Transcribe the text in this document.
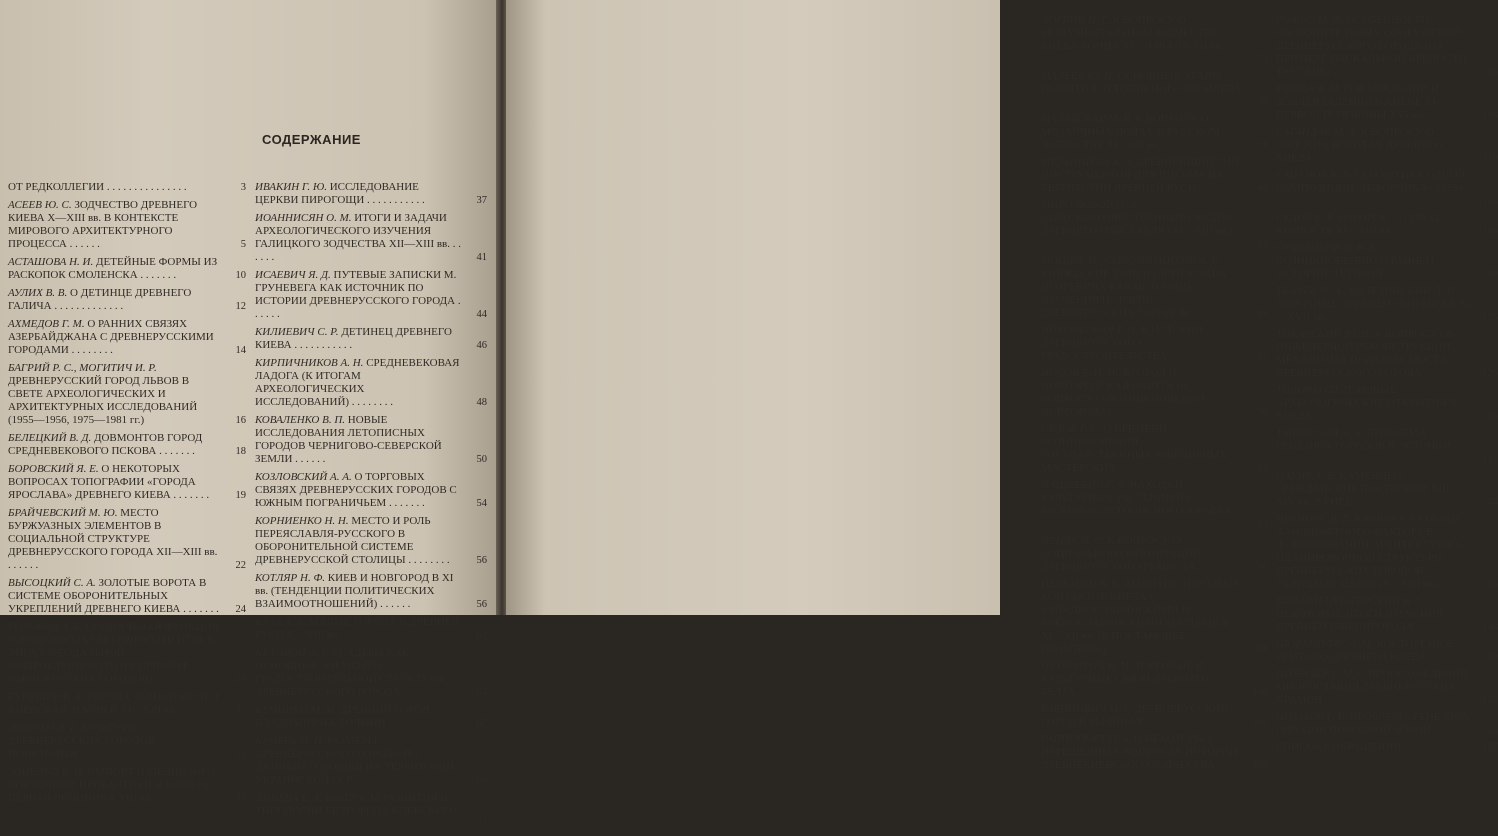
СОДЕРЖАНИЕ
ОТ РЕДКОЛЛЕГИИ . . . . . . . . . . . . . . .	3
АСЕЕВ Ю. С. ЗОДЧЕСТВО ДРЕВНЕГО КИЕВА X—XIII вв. В КОНТЕКСТЕ МИРОВОГО АРХИТЕКТУРНОГО ПРОЦЕССА . . . . . .	5
АСТАШОВА Н. И. ДЕТЕЙНЫЕ ФОРМЫ ИЗ РАСКОПОК СМОЛЕНСКА . . . . . . .	10
АУЛИХ В. В. О ДЕТИНЦЕ ДРЕВНЕГО ГАЛИЧА . . . . . . . . . . . . .	12
АХМЕДОВ Г. М. О РАННИХ СВЯЗЯХ АЗЕРБАЙДЖАНА С ДРЕВНЕРУССКИМИ ГОРОДАМИ . . . . . . . .	14
БАГРИЙ Р. С., МОГИТИЧ И. Р. ДРЕВНЕРУССКИЙ ГОРОД ЛЬВОВ В СВЕТЕ АРХЕОЛОГИЧЕСКИХ И АРХИТЕКТУРНЫХ ИССЛЕДОВАНИЙ (1955—1956, 1975—1981 гг.)	16
БЕЛЕЦКИЙ В. Д. ДОВМОНТОВ ГОРОД СРЕДНЕВЕКОВОГО ПСКОВА . . . . . . .	18
БОРОВСКИЙ Я. Е. О НЕКОТОРЫХ ВОПРОСАХ ТОПОГРАФИИ «ГОРОДА ЯРОСЛАВА» ДРЕВНЕГО КИЕВА . . . . . . .	19
БРАЙЧЕВСКИЙ М. Ю. МЕСТО БУРЖУАЗНЫХ ЭЛЕМЕНТОВ В СОЦИАЛЬНОЙ СТРУКТУРЕ ДРЕВНЕРУССКОГО ГОРОДА XII—XIII вв. . . . . . .	22
ВЫСОЦКИЙ С. А. ЗОЛОТЫЕ ВОРОТА В СИСТЕМЕ ОБОРОНИТЕЛЬНЫХ УКРЕПЛЕНИЙ ДРЕВНЕГО КИЕВА . . . . . . .	24
ГОЛОВКО А. Б. СОЦИАЛЬНАЯ ФУНКЦИЯ ГОРОДСКОГО КУЛЬТУРНОГО ЦЕНТРА В ЭПОХУ ФЕОДАЛЬНОЙ РАЗДРОБЛЕННОСТИ (НА ПРИМЕРЕ ЮЖНОРУССКИХ ГОРОДОВ) . . . . . .	29
ГУРЕВИЧ Ф. Д. ГОРОДА ЧЕРНОЙ РУСИ И КИЕВСКАЯ ЗЕМЛЯ В XI—XIII вв. . . . . .	31
ЗВЕРУГО Я. Г. КУЛЬТУРА ДРЕВНЕРУССКИХ ГОРОДОВ ПОНЕМАНЬЯ . . . . . . .	33
ЗОЦЕНКО В. Н. ИМПОРТ ИЗДЕЛИЙ ЮГО-ВОСТОЧНОЙ ПРИБАЛТИКИ В КИЕВ (X—ПЕРВАЯ ПОЛОВИНА XIII вв.) . . . . .	35
ИВАКИН Г. Ю. ИССЛЕДОВАНИЕ ЦЕРКВИ ПИРОГОЩИ . . . . . . . . . . .	37
ИОАННИСЯН О. М. ИТОГИ И ЗАДАЧИ АРХЕОЛОГИЧЕСКОГО ИЗУЧЕНИЯ ГАЛИЦКОГО ЗОДЧЕСТВА XII—XIII вв. . . . . . .	41
ИСАЕВИЧ Я. Д. ПУТЕВЫЕ ЗАПИСКИ М. ГРУНЕВЕГА КАК ИСТОЧНИК ПО ИСТОРИИ ДРЕВНЕРУССКОГО ГОРОДА . . . . . .	44
КИЛИЕВИЧ С. Р. ДЕТИНЕЦ ДРЕВНЕГО КИЕВА . . . . . . . . . . .	46
КИРПИЧНИКОВ А. Н. СРЕДНЕВЕКОВАЯ ЛАДОГА (К ИТОГАМ АРХЕОЛОГИЧЕСКИХ ИССЛЕДОВАНИЙ) . . . . . . . .	48
КОВАЛЕНКО В. П. НОВЫЕ ИССЛЕДОВАНИЯ ЛЕТОПИСНЫХ ГОРОДОВ ЧЕРНИГОВО-СЕВЕРСКОЙ ЗЕМЛИ . . . . . .	50
КОЗЛОВСКИЙ А. А. О ТОРГОВЫХ СВЯЗЯХ ДРЕВНЕРУССКИХ ГОРОДОВ С ЮЖНЫМ ПОГРАНИЧЬЕМ . . . . . . .	54
КОРНИЕНКО Н. Н. МЕСТО И РОЛЬ ПЕРЕЯСЛАВЛЯ-РУССКОГО В ОБОРОНИТЕЛЬНОЙ СИСТЕМЕ ДРЕВНЕРУССКОЙ СТОЛИЦЫ . . . . . . . .	56
КОТЛЯР Н. Ф. КИЕВ И НОВГОРОД В XI вв. (ТЕНДЕНЦИИ ПОЛИТИЧЕСКИХ ВЗАИМООТНОШЕНИЙ) . . . . . .	56
КУЗА А. В. МАЛЫЕ ГОРОДА В ДРЕВНЕЙ РУСИ X—XIII вв. . . . . . . . . . .	61
КУТОВОЙ А. Г. УСАДЬБЫ КАК ОСНОВНЫЕ ЭЛЕМЕНТЫ ГРАДОСТРОИТЕЛЬНОЙ СТРУКТУРЫ ДРЕВНЕРУССКОГО ГОРОДА . . . . .	65
КУЧИНКО М. М. ДРЕВНИЙ ГОРОД ВЛАДИМИР НА ВОЛЫНИ . . . . . . . . .	67
КУЧЕРА М. П. РАЗМЕРЫ ДРЕВНЕРУССКОГО ГОРОДА ПО ДАННЫМ ГОРОДИЩ НА ТЕРРИТОРИИ УКРАИНСКОЙ ССР . . . . .	69
ЛИНЕВА Е. А. ВОПРОСЫ РАЗВИТИЯ И ТИПОЛОГИИ БЕЛГОРОДА КИЕВСКОГО . . . . .	72
ЛОГВИН Н. Г. К ВОПРОСУ О МОНУМЕНТАЛЬНОМ ЗОДЧЕСТВЕ КИЕВА КОНЦА XI—НАЧАЛА XII вв. . . . . . .	74
МАЛЕЕВ Ю. Н. ОСНОВНЫЕ ЭТАПЫ РАЗВИТИЯ ЛЕТОПИСНОГО ВАСИЛЕВА . . . . .	76
МАЛЕВСКАЯ М. В. К ВОПРОСУ О МОЗАИЧНЫХ ПОЛАХ В РУССКОМ ЗОДЧЕСТВЕ XI—XII вв. . . . . . .	78
МЕДЫНЦЕВА А. А. ДРЕВНЕЙШИЙ ТИП ИНСТРУМЕНТОВ ДЛЯ ПИСЬМА НА ТЕРРИТОРИИ ДРЕВНЕЙ РУСИ . . . . .	80
МИРОЛЮБОВ М. А. СЕЛЬСКОХОЗЯЙСТВЕННЫЕ ОРУДИЯ ДРЕВНЕГО ИЗЯСЛАВЛЯ (XI—XIII вв.) . . . . . . .	82
МОЦЯ А. П., СЫРОМЯТНИКОВ А. К. КНЯЖЕСКИЕ ТАМГИ СВЯТОСЛАВА ИГОРЕВИЧА КАК ИСТОЧНИК ИЗУЧЕНИЯ ИСТОРИИ ДРЕВНЕРУССКИХ ГОРОДОВ . . . . .	84
НИКОЛЬСКАЯ Т. Н. К ИСТОРИИ ДРЕВНЕРУССКОГО ГРАДОСТРОИТЕЛЬСТВА . . . . .	87
НОСОВ Е. Н. НОВГОРОД И НОВГОРОДСКАЯ ОКРУГА (К ВОПРОСУ О ВОЗНИКНОВЕНИИ НОВГОРОДА) . . . . . .	90
ОРЛОВ Р. С. О ВРЕМЕНИ ВОЗНИКНОВЕНИЯ ГОСУДАРСТВЕННЫХ ЮВЕЛИРНЫХ МАСТЕРСКИХ . . . . . . .	92
ПАШКЕВИЧ Г. А. НАХОДКИ КУЛЬТУРНЫХ РАСТЕНИЙ ИЗ РАСКОПОК ЛЕТОПИСНОГО ЮРЬЕВА . . . . . .	94
ПЕНЯК П. С. К ВОПРОСУ О СОЦИАЛЬНОЙ ОРГАНИЗАЦИИ ДРЕВНЕРУССКОГО РЕМЕСЛА . . . . . . .	96
ПЕРХАВКО В. Б. РАЗВИТИЕ ТОРГОВЫХ КОНТАКТОВ КИЕВА С ЗАПАДНОСЛАВЯНСКИМИ И ЮЖНОСЛАВЯНСКИМИ ЗЕМЛЯМИ В XI—XII вв. (К ПОСТАНОВКЕ ПРОБЛЕМЫ) . . . . .	98
ПЕТЕГИРИЧ В. М. ТОРГОВЫЕ И КУЛЬТУРНЫЕ СВЯЗИ ДРЕВНЕГО БЕЛЗА . . . . .	100
РАБИНОВИЧ М. Г. ДРЕВНЕРУССКИЙ ГОРОД В БЫЛИНАХ . . . . . . . .	103
РАППОПОРТ П. А. О НЕКОТОРЫХ НЕРЕШЕННЫХ ВОПРОСАХ ИСТОРИИ ДРЕВНЕКИЕВСКОГО ЗОДЧЕСТВА . . . .	105
РОЖКО М. Ф. ОСОБЕННОСТИ ОБОРОНИТЕЛЬНЫХ СООРУЖЕНИЙ ДРЕВНЕРУССКОГО ГОРОДА (НА ПРИМЕРЕ ПАСКАЛЬНОЙ КРЕПОСТИ ТУСТАНЬ) . . . .	106
РЫЧКА В. М. О ЗЕМЛЕДЕЛИИ И ЗЕМЛЕВЛАДЕНИИ В КИЕВЕ XI—ПЕРВОЙ ПОЛОВИНЫ XVI вв. . . . .	108
САГАЙДАК М. А. К ВОПРОСУ О ЛЯДСКИХ ВОРОТАХ ДРЕВНЕГО КИЕВА . . . . .	110
САПУНОВ Б. В. СЕМАНТИКА ОДНОЙ КОМПОЗИЦИИ «ИЗБОРНИКА» 1073 г. . . . .	114
СЕДОВ В. В. ИЗБОРСК — ГОРОД-КРЕПОСТЬ XI—XIII вв. . . . . .	116
СУХОБОКОВ О. В. К ВОЗНИКНОВЕНИЮ И РАННЕЙ ИСТОРИИ ПУТИВЛЯ . . . . . .	120
ТКАЧЕВ М. А., КОЛЕДИНСКИЙ Л. В. ПОРОЧНЫЕ ДРЕВНЕГО ВИТЕБСКА XI—XVII вв. . . . . .	123
ТОКАРСКИЙ Ю. Н. К ВОПРОСУ ОБ ИНЖЕНЕРНОЙ РЕКОНСТРУКЦИИ МЕХАНИЗМА ПОДЪЕМА МОСТА ДРЕВНЕРУССКОГО ГОРОДА . . . . .	126
ТОЛОЧКО П. П. НОВЫЕ АРХЕОЛОГИЧЕСКИЕ ОТКРЫТИЯ В КИЕВЕ . . . . .	128
ТЫНИССОН Э. Э. ПРОБЛЕМА ГЕНЕЗИСА ГОРОДОВ В ЭСТОНИИ . . . . .	131
ЦАУНЕ А. В. КАМЕННЫЕ ГРАЖДАНСКИЕ ПОСТРОЙКИ XIII—XIV вв. В РИГЕ . . . .	144
ЧЕРНОУС В. Е. К ВОПРОСУ О РОЛИ ЛАНДШАФТНОГО ФАКТОРА В ФОРМИРОВАНИИ АРХИТЕКТУРНО-ПЛАНИРОВОЧНОЙ СТРУКТУРЫ ДРЕВНЕРУССКИХ ГОРОДОВ ГАЛИЦКОЙ ЗЕМЛИ (X—XIII вв.) . . .	146
ШЕКОМЕЦЕВ-ТЕРСКИЙ В. С. НЕКОТОРЫЕ ИТОГИ ИЗУЧЕНИЯ ДРЕВНЕГО ЗВЕНИГОРОДА . . . . .	148
ШОВКОПЛЯС А. М. КОСТОРЕЗНОЕ РЕМЕСЛО ДРЕВНЕГО КИЕВА . . . . .	149
ШТЕНДЕР Г. М. О ПРОИСХОЖДЕНИИ МНОГОГЛАВИЯ ДРЕВНЕРУССКИХ ХРАМОВ . . . . . .	152
ШТЫХОВ Г. В. ПРОБЛЕМА ГЕНЕЗИСА ГОРОДОВ ПОЛОЦКОЙ ЗЕМЛИ . . . . .	154
СПИСОК СОКРАЩЕНИЙ . . . . . . . . . . .	157
